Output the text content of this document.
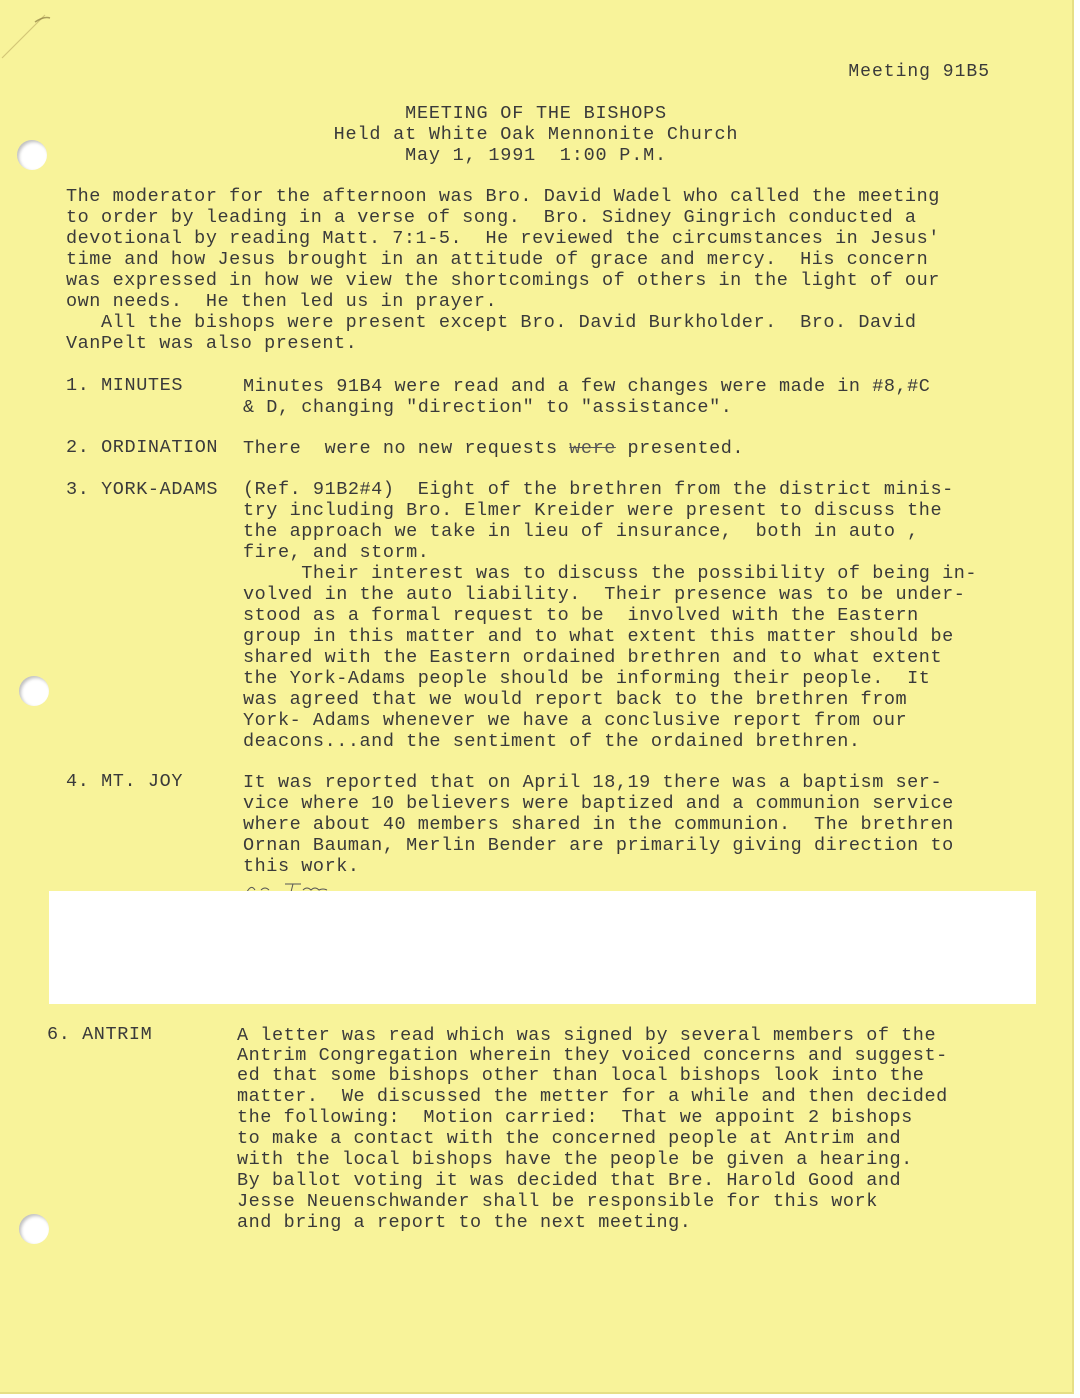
Meeting 91B5
MEETING OF THE BISHOPS
Held at White Oak Mennonite Church
May 1, 1991  1:00 P.M.
The moderator for the afternoon was Bro. David Wadel who called the meeting
to order by leading in a verse of song.  Bro. Sidney Gingrich conducted a
devotional by reading Matt. 7:1-5.  He reviewed the circumstances in Jesus'
time and how Jesus brought in an attitude of grace and mercy.  His concern
was expressed in how we view the shortcomings of others in the light of our
own needs.  He then led us in prayer.
All the bishops were present except Bro. David Burkholder.  Bro. David
VanPelt was also present.
1. MINUTES	Minutes 91B4 were read and a few changes were made in #8,#C
& D, changing "direction" to "assistance".
2. ORDINATION There  were no new requests were presented.
3. YORK-ADAMS (Ref. 91B2#4)  Eight of the brethren from the district minis-
try including Bro. Elmer Kreider were present to discuss the
the approach we take in lieu of insurance,  both in auto ,
fire, and storm.
Their interest was to discuss the possibility of being in-
volved in the auto liability.  Their presence was to be under-
stood as a formal request to be  involved with the Eastern
group in this matter and to what extent this matter should be
shared with the Eastern ordained brethren and to what extent
the York-Adams people should be informing their people.  It
was agreed that we would report back to the brethren from
York- Adams whenever we have a conclusive report from our
deacons...and the sentiment of the ordained brethren.
4. MT. JOY	It was reported that on April 18,19 there was a baptism ser-
vice where 10 believers were baptized and a communion service
where about 40 members shared in the communion.  The brethren
Ornan Bauman, Merlin Bender are primarily giving direction to
this work.
6. ANTRIM	A letter was read which was signed by several members of the
Antrim Congregation wherein they voiced concerns and suggest-
ed that some bishops other than local bishops look into the
matter.  We discussed the metter for a while and then decided
the following:  Motion carried:  That we appoint 2 bishops
to make a contact with the concerned people at Antrim and
with the local bishops have the people be given a hearing.
By ballot voting it was decided that Bre. Harold Good and
Jesse Neuenschwander shall be responsible for this work
and bring a report to the next meeting.
